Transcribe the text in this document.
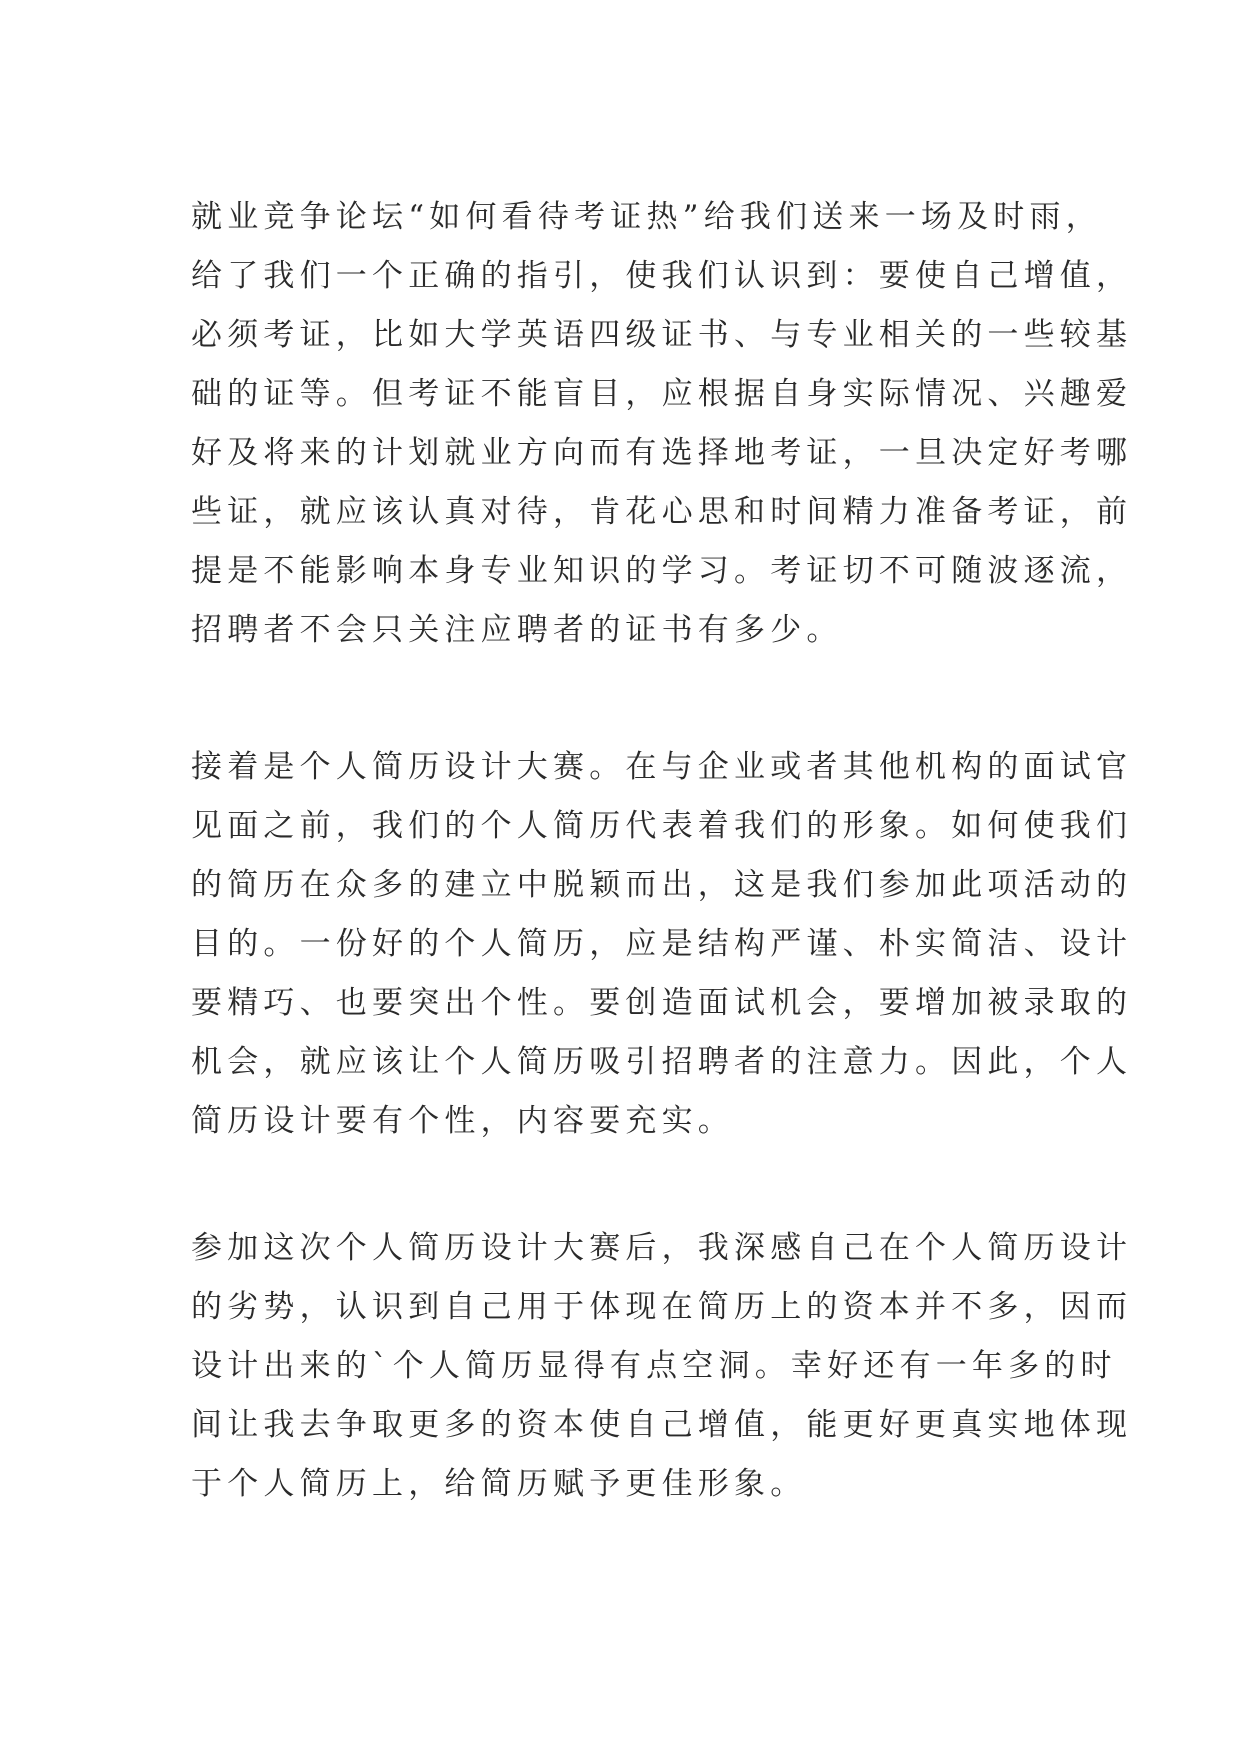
就业竞争论坛“如何看待考证热”给我们送来一场及时雨，
给了我们一个正确的指引，使我们认识到：要使自己增值，
必须考证，比如大学英语四级证书、与专业相关的一些较基
础的证等。但考证不能盲目，应根据自身实际情况、兴趣爱
好及将来的计划就业方向而有选择地考证，一旦决定好考哪
些证，就应该认真对待，肯花心思和时间精力准备考证，前
提是不能影响本身专业知识的学习。考证切不可随波逐流，
招聘者不会只关注应聘者的证书有多少。
接着是个人简历设计大赛。在与企业或者其他机构的面试官
见面之前，我们的个人简历代表着我们的形象。如何使我们
的简历在众多的建立中脱颖而出，这是我们参加此项活动的
目的。一份好的个人简历，应是结构严谨、朴实简洁、设计
要精巧、也要突出个性。要创造面试机会，要增加被录取的
机会，就应该让个人简历吸引招聘者的注意力。因此，个人
简历设计要有个性，内容要充实。
参加这次个人简历设计大赛后，我深感自己在个人简历设计
的劣势，认识到自己用于体现在简历上的资本并不多，因而
设计出来的`个人简历显得有点空洞。幸好还有一年多的时
间让我去争取更多的资本使自己增值，能更好更真实地体现
于个人简历上，给简历赋予更佳形象。
